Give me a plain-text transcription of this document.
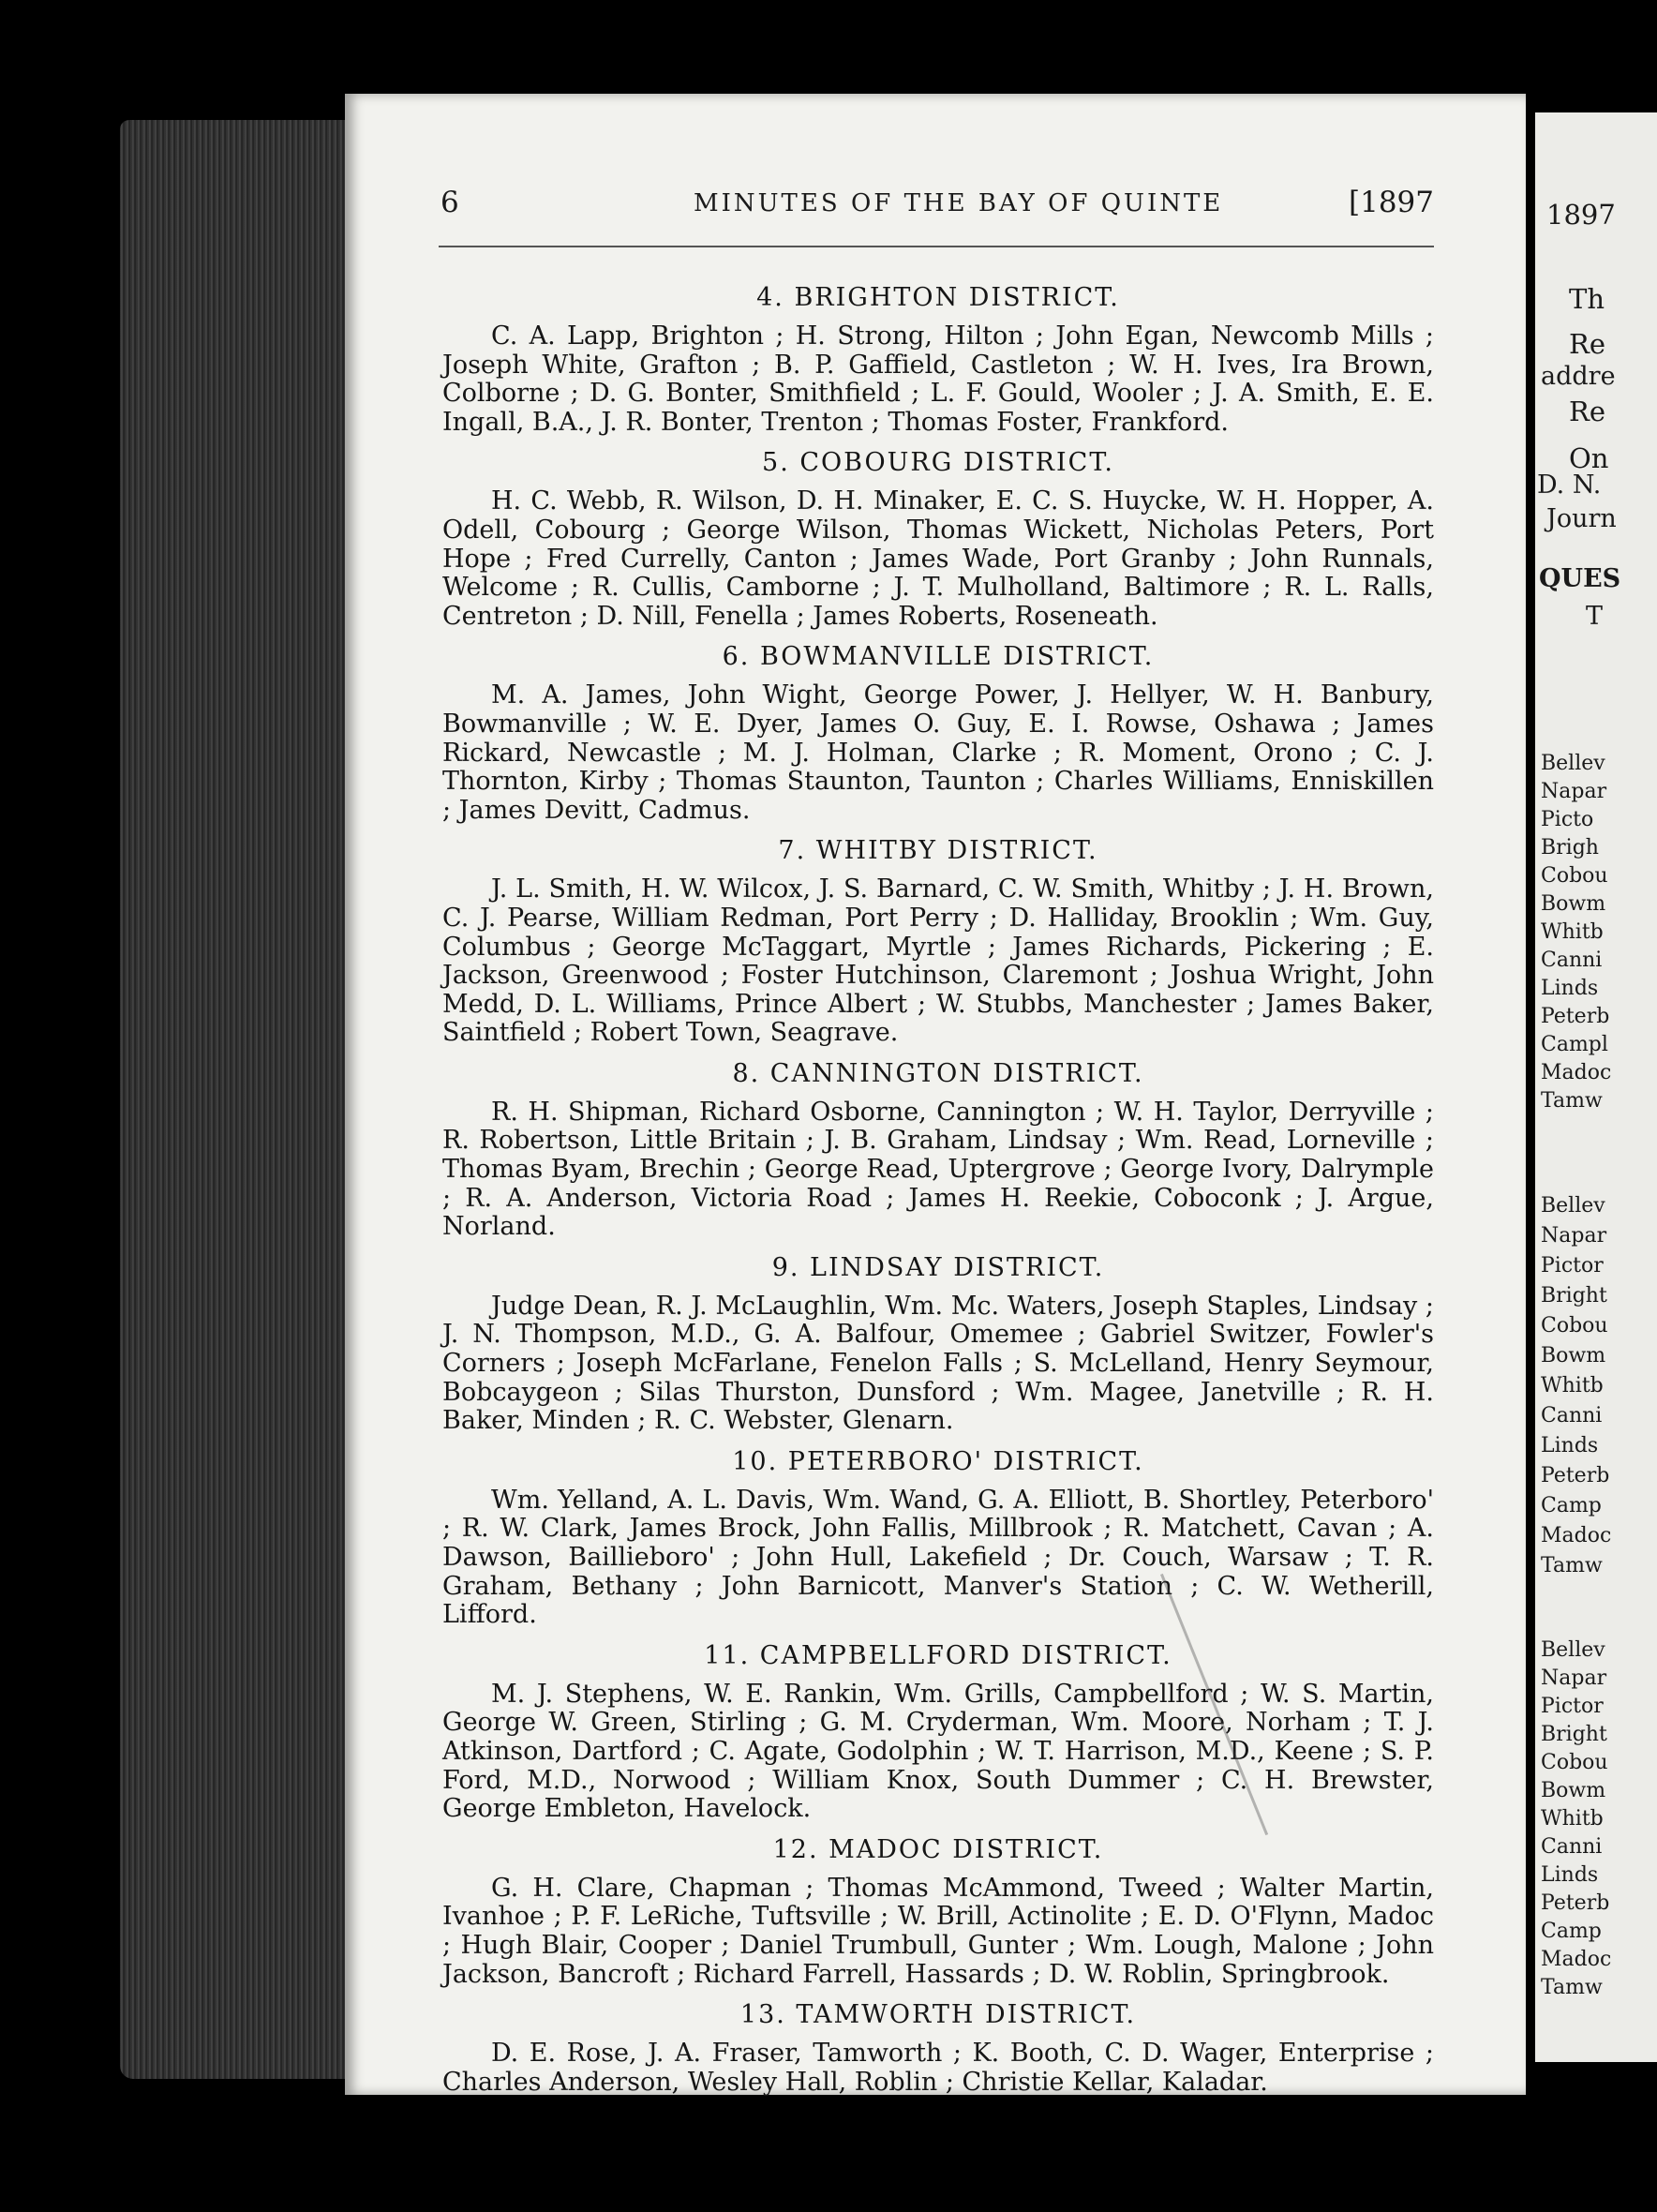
6	MINUTES OF THE BAY OF QUINTE	[1897
4. BRIGHTON DISTRICT.

C. A. Lapp, Brighton ; H. Strong, Hilton ; John Egan, Newcomb Mills ; Joseph White, Grafton ; B. P. Gaffield, Castleton ; W. H. Ives, Ira Brown, Colborne ; D. G. Bonter, Smithfield ; L. F. Gould, Wooler ; J. A. Smith, E. E. Ingall, B.A., J. R. Bonter, Trenton ; Thomas Foster, Frankford.

5. COBOURG DISTRICT.

H. C. Webb, R. Wilson, D. H. Minaker, E. C. S. Huycke, W. H. Hopper, A. Odell, Cobourg ; George Wilson, Thomas Wickett, Nicholas Peters, Port Hope ; Fred Currelly, Canton ; James Wade, Port Granby ; John Runnals, Welcome ; R. Cullis, Camborne ; J. T. Mulholland, Baltimore ; R. L. Ralls, Centreton ; D. Nill, Fenella ; James Roberts, Roseneath.

6. BOWMANVILLE DISTRICT.

M. A. James, John Wight, George Power, J. Hellyer, W. H. Banbury, Bowmanville ; W. E. Dyer, James O. Guy, E. I. Rowse, Oshawa ; James Rickard, Newcastle ; M. J. Holman, Clarke ; R. Moment, Orono ; C. J. Thornton, Kirby ; Thomas Staunton, Taunton ; Charles Williams, Enniskillen ; James Devitt, Cadmus.

7. WHITBY DISTRICT.

J. L. Smith, H. W. Wilcox, J. S. Barnard, C. W. Smith, Whitby ; J. H. Brown, C. J. Pearse, William Redman, Port Perry ; D. Halliday, Brooklin ; Wm. Guy, Columbus ; George McTaggart, Myrtle ; James Richards, Pickering ; E. Jackson, Greenwood ; Foster Hutchinson, Claremont ; Joshua Wright, John Medd, D. L. Williams, Prince Albert ; W. Stubbs, Manchester ; James Baker, Saintfield ; Robert Town, Seagrave.

8. CANNINGTON DISTRICT.

R. H. Shipman, Richard Osborne, Cannington ; W. H. Taylor, Derryville ; R. Robertson, Little Britain ; J. B. Graham, Lindsay ; Wm. Read, Lorneville ; Thomas Byam, Brechin ; George Read, Uptergrove ; George Ivory, Dalrymple ; R. A. Anderson, Victoria Road ; James H. Reekie, Coboconk ; J. Argue, Norland.

9. LINDSAY DISTRICT.

Judge Dean, R. J. McLaughlin, Wm. Mc. Waters, Joseph Staples, Lindsay ; J. N. Thompson, M.D., G. A. Balfour, Omemee ; Gabriel Switzer, Fowler's Corners ; Joseph McFarlane, Fenelon Falls ; S. McLelland, Henry Seymour, Bobcaygeon ; Silas Thurston, Dunsford ; Wm. Magee, Janetville ; R. H. Baker, Minden ; R. C. Webster, Glenarn.

10. PETERBORO' DISTRICT.

Wm. Yelland, A. L. Davis, Wm. Wand, G. A. Elliott, B. Shortley, Peterboro' ; R. W. Clark, James Brock, John Fallis, Millbrook ; R. Matchett, Cavan ; A. Dawson, Baillieboro' ; John Hull, Lakefield ; Dr. Couch, Warsaw ; T. R. Graham, Bethany ; John Barnicott, Manver's Station ; C. W. Wetherill, Lifford.

11. CAMPBELLFORD DISTRICT.

M. J. Stephens, W. E. Rankin, Wm. Grills, Campbellford ; W. S. Martin, George W. Green, Stirling ; G. M. Cryderman, Wm. Moore, Norham ; T. J. Atkinson, Dartford ; C. Agate, Godolphin ; W. T. Harrison, M.D., Keene ; S. P. Ford, M.D., Norwood ; William Knox, South Dummer ; C. H. Brewster, George Embleton, Havelock.

12. MADOC DISTRICT.

G. H. Clare, Chapman ; Thomas McAmmond, Tweed ; Walter Martin, Ivanhoe ; P. F. LeRiche, Tuftsville ; W. Brill, Actinolite ; E. D. O'Flynn, Madoc ; Hugh Blair, Cooper ; Daniel Trumbull, Gunter ; Wm. Lough, Malone ; John Jackson, Bancroft ; Richard Farrell, Hassards ; D. W. Roblin, Springbrook.

13. TAMWORTH DISTRICT.

D. E. Rose, J. A. Fraser, Tamworth ; K. Booth, C. D. Wager, Enterprise ; Charles Anderson, Wesley Hall, Roblin ; Christie Kellar, Kaladar.

1897
Th
Re
addre
Re
On
D. N.
Journ
QUES
T
Bellev
Napar
Picto
Brigh
Cobou
Bowm
Whitb
Canni
Linds
Peterb
Campl
Madoc
Tamw
Bellev
Napar
Pictor
Bright
Cobou
Bowm
Whitb
Canni
Linds
Peterb
Camp
Madoc
Tamw
Bellev
Napar
Pictor
Bright
Cobou
Bowm
Whitb
Canni
Linds
Peterb
Camp
Madoc
Tamw
